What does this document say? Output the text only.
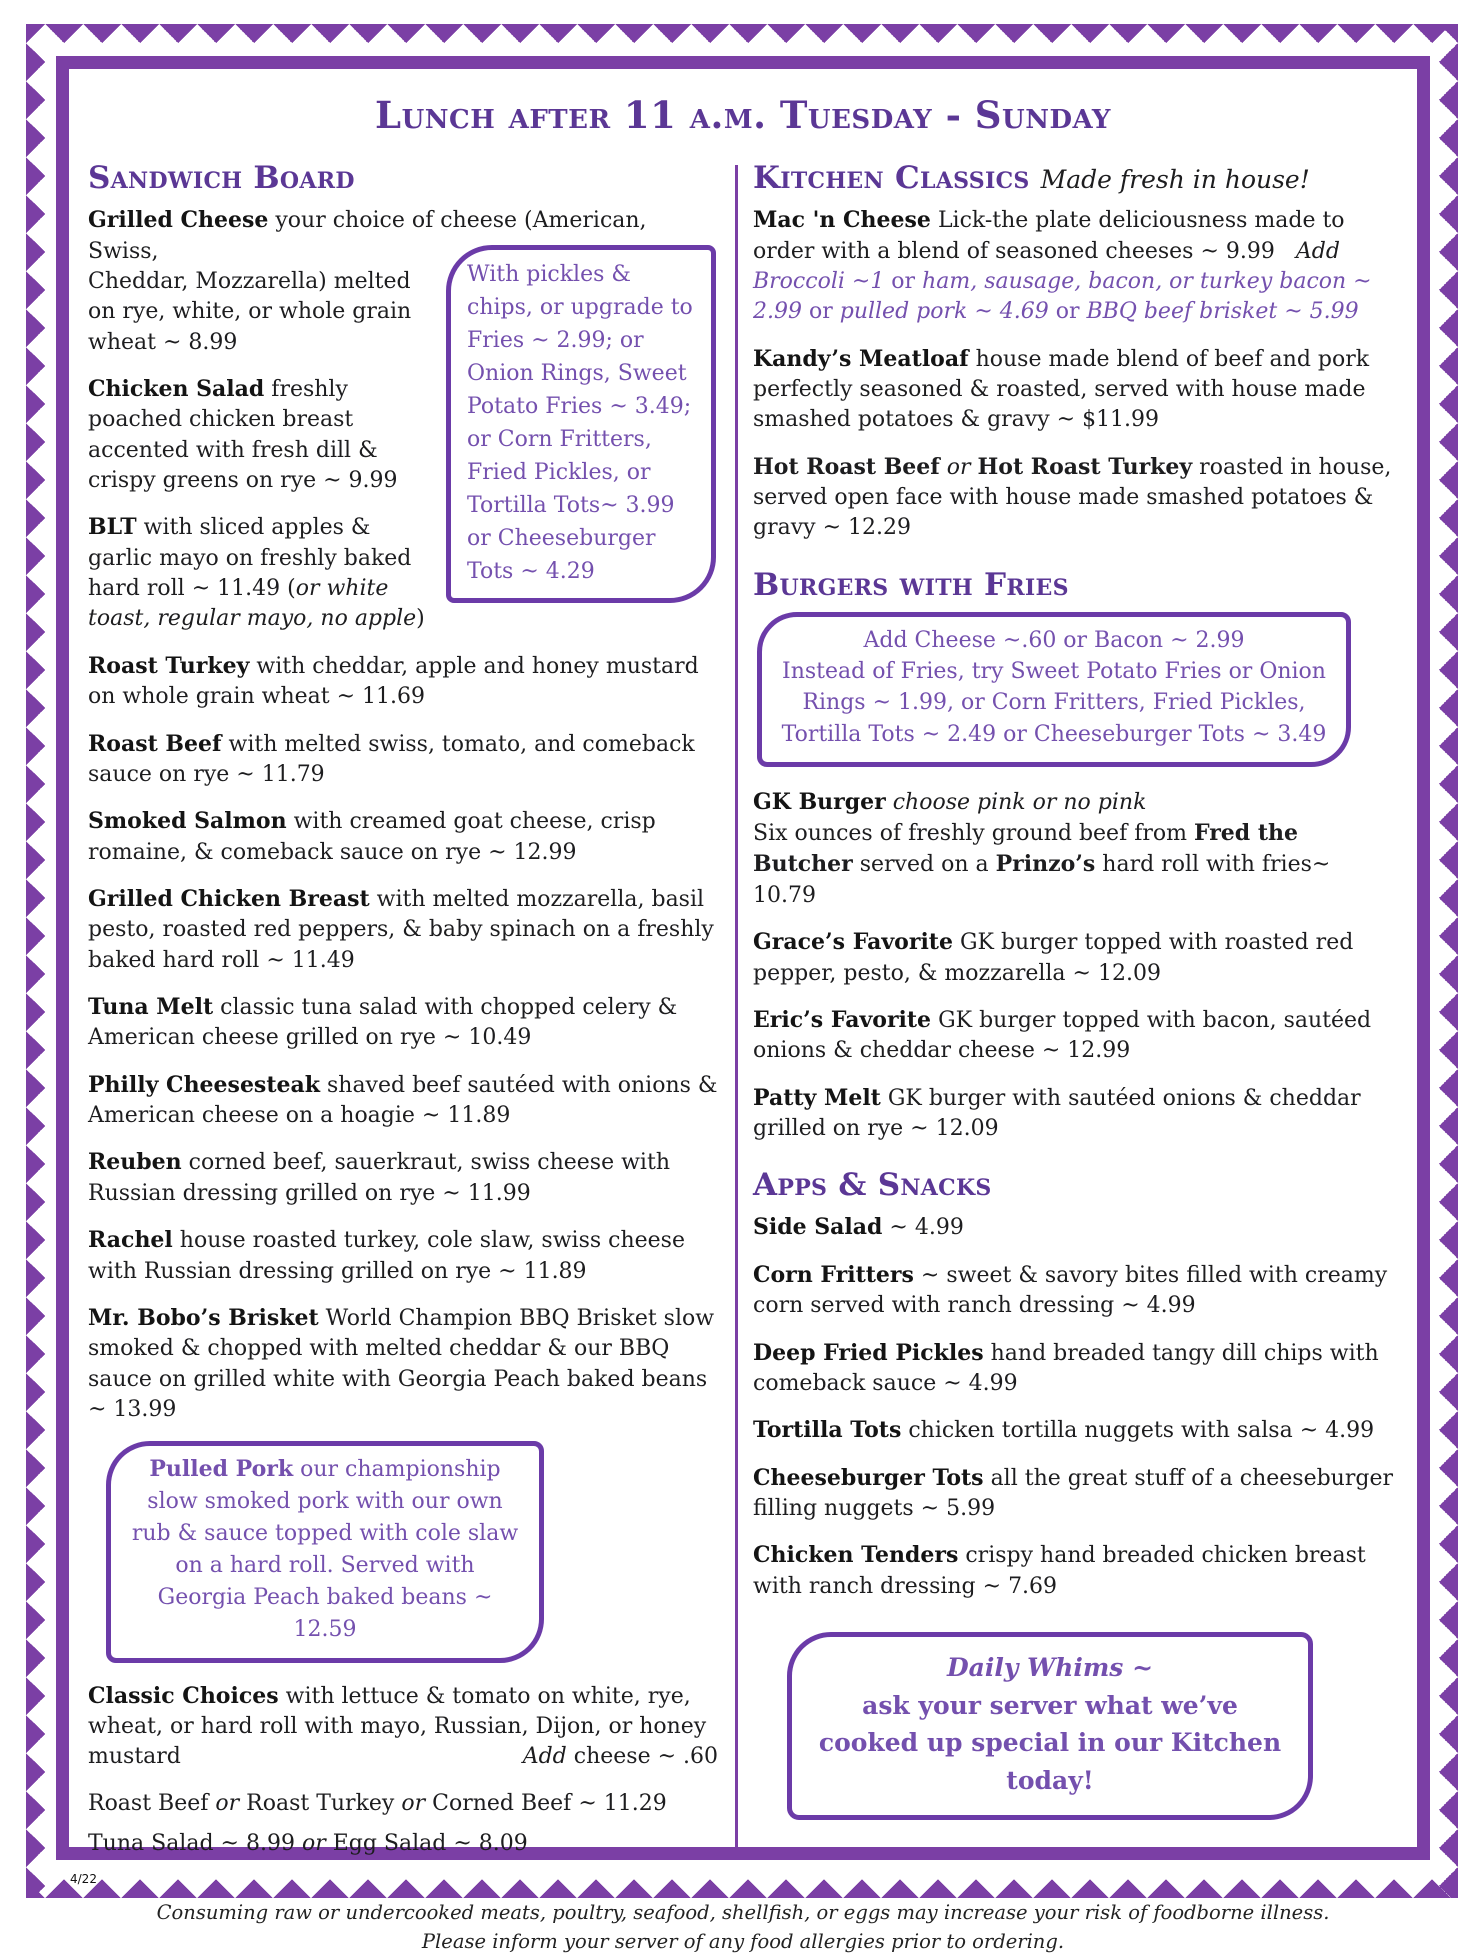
Lunch after 11 a.m. Tuesday - Sunday
Sandwich Board
With pickles & chips, or upgrade to Fries ~ 2.99; or Onion Rings, Sweet Potato Fries ~ 3.49; or Corn Fritters, Fried Pickles, or Tortilla Tots~ 3.99 or Cheeseburger Tots ~ 4.29

Grilled Cheese your choice of cheese (American, Swiss,
Cheddar, Mozzarella) melted on rye, white, or whole grain wheat ~ 8.99

Chicken Salad freshly poached chicken breast accented with fresh dill & crispy greens on rye ~ 9.99

BLT with sliced apples & garlic mayo on freshly baked hard roll ~ 11.49 (or white toast, regular mayo, no apple)

Roast Turkey with cheddar, apple and honey mustard on whole grain wheat ~ 11.69

Roast Beef with melted swiss, tomato, and comeback sauce on rye ~ 11.79

Smoked Salmon with creamed goat cheese, crisp romaine, & comeback sauce on rye ~ 12.99

Grilled Chicken Breast with melted mozzarella, basil pesto, roasted red peppers, & baby spinach on a freshly baked hard roll ~ 11.49

Tuna Melt classic tuna salad with chopped celery & American cheese grilled on rye ~ 10.49

Philly Cheesesteak shaved beef sautéed with onions & American cheese on a hoagie ~ 11.89

Reuben corned beef, sauerkraut, swiss cheese with Russian dressing grilled on rye ~ 11.99

Rachel house roasted turkey, cole slaw, swiss cheese with Russian dressing grilled on rye ~ 11.89

Mr. Bobo’s Brisket World Champion BBQ Brisket slow smoked & chopped with melted cheddar & our BBQ sauce on grilled white with Georgia Peach baked beans ~ 13.99

Pulled Pork our championship slow smoked pork with our own rub & sauce topped with cole slaw on a hard roll. Served with Georgia Peach baked beans ~ 12.59

Classic Choices with lettuce & tomato on white, rye, wheat, or hard roll with mayo, Russian, Dijon, or honey mustard	Add cheese ~ .60

Roast Beef or Roast Turkey or Corned Beef ~ 11.29

Tuna Salad ~ 8.99 or Egg Salad ~ 8.09

Kitchen Classics Made fresh in house!

Mac 'n Cheese Lick-the plate deliciousness made to order with a blend of seasoned cheeses ~ 9.99   Add
Broccoli ~1 or ham, sausage, bacon, or turkey bacon ~ 2.99 or pulled pork ~ 4.69 or BBQ beef brisket ~ 5.99

Kandy’s Meatloaf house made blend of beef and pork perfectly seasoned & roasted, served with house made smashed potatoes & gravy ~ $11.99

Hot Roast Beef or Hot Roast Turkey roasted in house, served open face with house made smashed potatoes & gravy ~ 12.29

Burgers with Fries
Add Cheese ~.60 or Bacon ~ 2.99
Instead of Fries, try Sweet Potato Fries or Onion Rings ~ 1.99, or Corn Fritters, Fried Pickles, Tortilla Tots ~ 2.49 or Cheeseburger Tots ~ 3.49

GK Burger choose pink or no pink
Six ounces of freshly ground beef from Fred the Butcher served on a Prinzo’s hard roll with fries~ 10.79

Grace’s Favorite GK burger topped with roasted red pepper, pesto, & mozzarella ~ 12.09

Eric’s Favorite GK burger topped with bacon, sautéed onions & cheddar cheese ~ 12.99

Patty Melt GK burger with sautéed onions & cheddar grilled on rye ~ 12.09

Apps & Snacks

Side Salad ~ 4.99

Corn Fritters ~ sweet & savory bites filled with creamy corn served with ranch dressing ~ 4.99

Deep Fried Pickles hand breaded tangy dill chips with comeback sauce ~ 4.99

Tortilla Tots chicken tortilla nuggets with salsa ~ 4.99

Cheeseburger Tots all the great stuff of a cheeseburger filling nuggets ~ 5.99

Chicken Tenders crispy hand breaded chicken breast with ranch dressing ~ 7.69

Daily Whims ~
ask your server what we’ve cooked up special in our Kitchen today!

Consuming raw or undercooked meats, poultry, seafood, shellfish, or eggs may increase your risk of foodborne illness.

Please inform your server of any food allergies prior to ordering.
